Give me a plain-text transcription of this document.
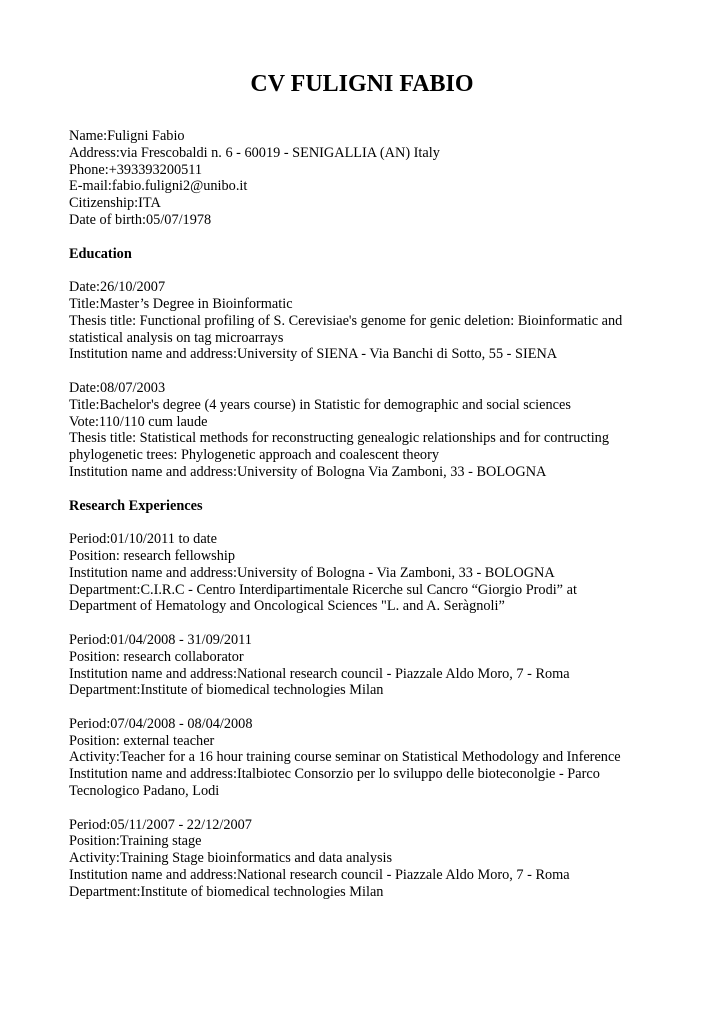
CV FULIGNI FABIO
Name:Fuligni Fabio
Address:via Frescobaldi n. 6 - 60019 - SENIGALLIA (AN) Italy
Phone:+393393200511
E-mail:fabio.fuligni2@unibo.it
Citizenship:ITA
Date of birth:05/07/1978
Education
Date:26/10/2007
Title:Master’s Degree in Bioinformatic
Thesis title: Functional profiling of S. Cerevisiae's genome for genic deletion: Bioinformatic and
statistical analysis on tag microarrays
Institution name and address:University of SIENA - Via Banchi di Sotto, 55 - SIENA
Date:08/07/2003
Title:Bachelor's degree (4 years course) in Statistic for demographic and social sciences
Vote:110/110 cum laude
Thesis title: Statistical methods for reconstructing genealogic relationships and for contructing
phylogenetic trees: Phylogenetic approach and coalescent theory
Institution name and address:University of Bologna Via Zamboni, 33 - BOLOGNA
Research Experiences
Period:01/10/2011 to date
Position: research fellowship
Institution name and address:University of Bologna - Via Zamboni, 33 - BOLOGNA
Department:C.I.R.C - Centro Interdipartimentale Ricerche sul Cancro “Giorgio Prodi” at
Department of Hematology and Oncological Sciences "L. and A. Seràgnoli”
Period:01/04/2008 - 31/09/2011
Position: research collaborator
Institution name and address:National research council - Piazzale Aldo Moro, 7 - Roma
Department:Institute of biomedical technologies Milan
Period:07/04/2008 - 08/04/2008
Position: external teacher
Activity:Teacher for a 16 hour training course seminar on Statistical Methodology and Inference
Institution name and address:Italbiotec Consorzio per lo sviluppo delle bioteconolgie - Parco
Tecnologico Padano, Lodi
Period:05/11/2007 - 22/12/2007
Position:Training stage
Activity:Training Stage bioinformatics and data analysis
Institution name and address:National research council - Piazzale Aldo Moro, 7 - Roma
Department:Institute of biomedical technologies Milan
